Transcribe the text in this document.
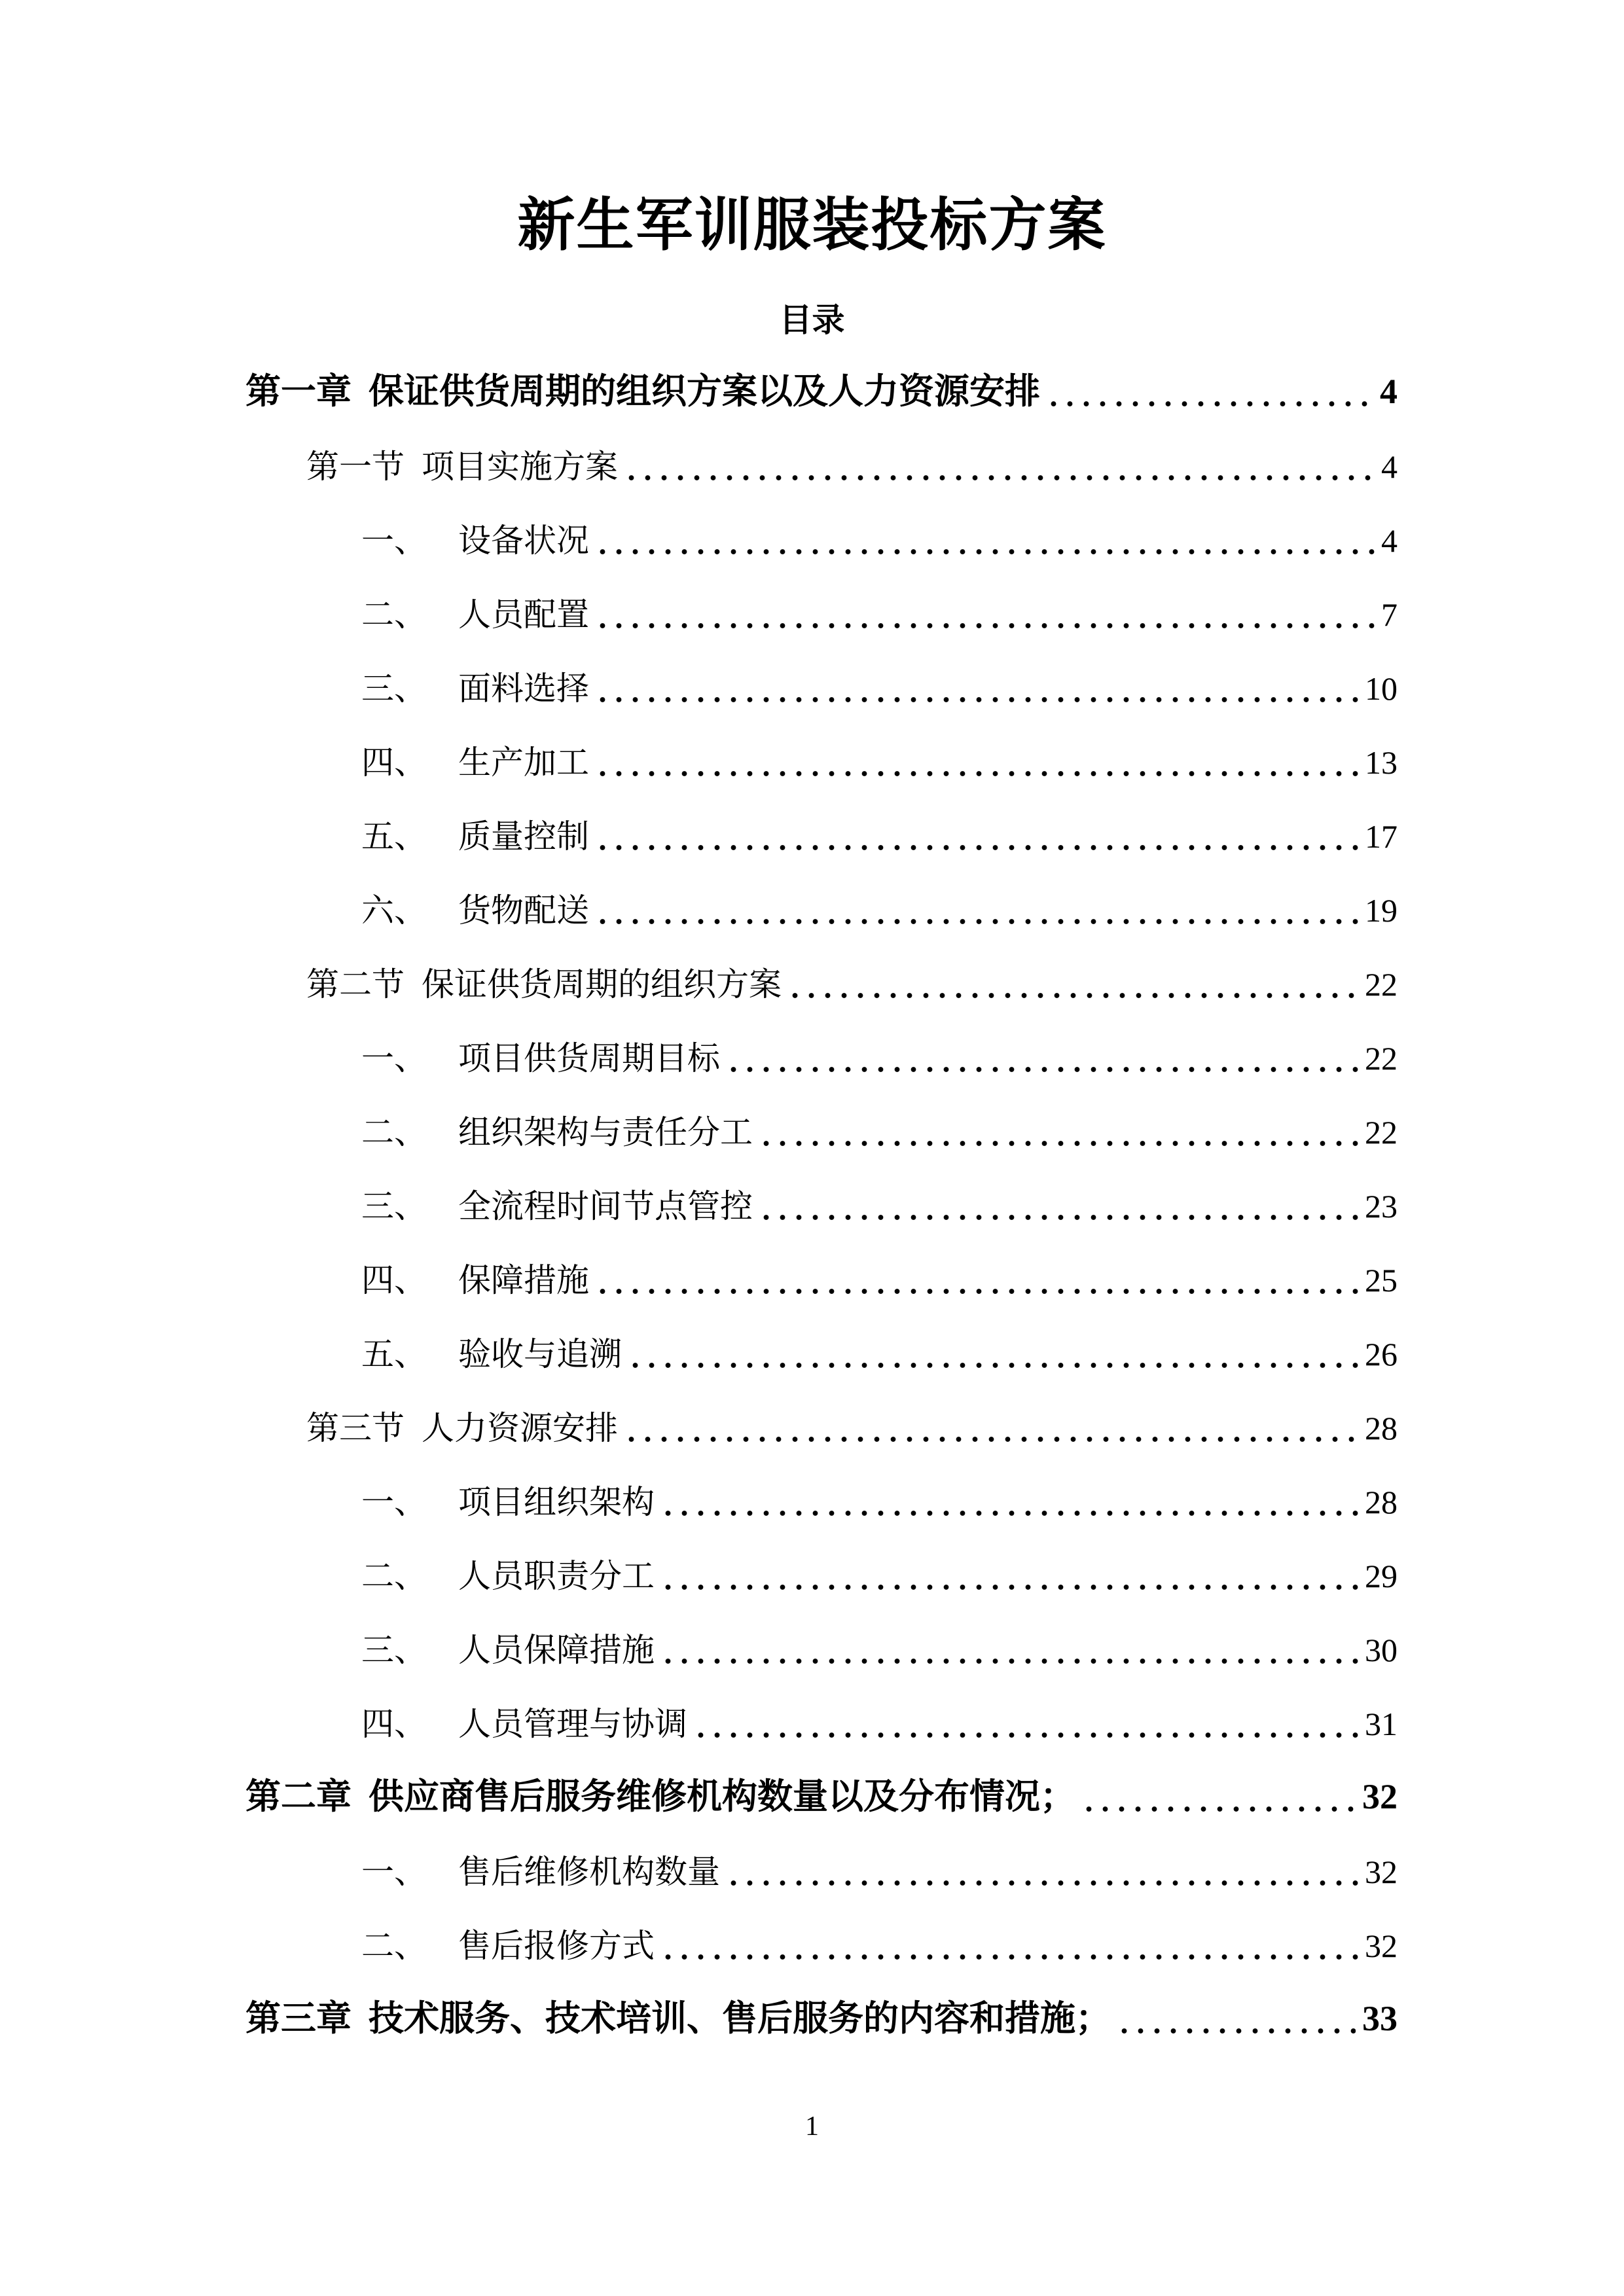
新生军训服装投标方案
目录
第一章 保证供货周期的组织方案以及人力资源安排	4
第一节 项目实施方案	4
一、 设备状况	4
二、 人员配置	7
三、 面料选择	10
四、 生产加工	13
五、 质量控制	17
六、 货物配送	19
第二节 保证供货周期的组织方案	22
一、 项目供货周期目标	22
二、 组织架构与责任分工	22
三、 全流程时间节点管控	23
四、 保障措施	25
五、 验收与追溯	26
第三节 人力资源安排	28
一、 项目组织架构	28
二、 人员职责分工	29
三、 人员保障措施	30
四、 人员管理与协调	31
第二章 供应商售后服务维修机构数量以及分布情况；	32
一、 售后维修机构数量	32
二、 售后报修方式	32
第三章 技术服务、技术培训、售后服务的内容和措施；	33
1
